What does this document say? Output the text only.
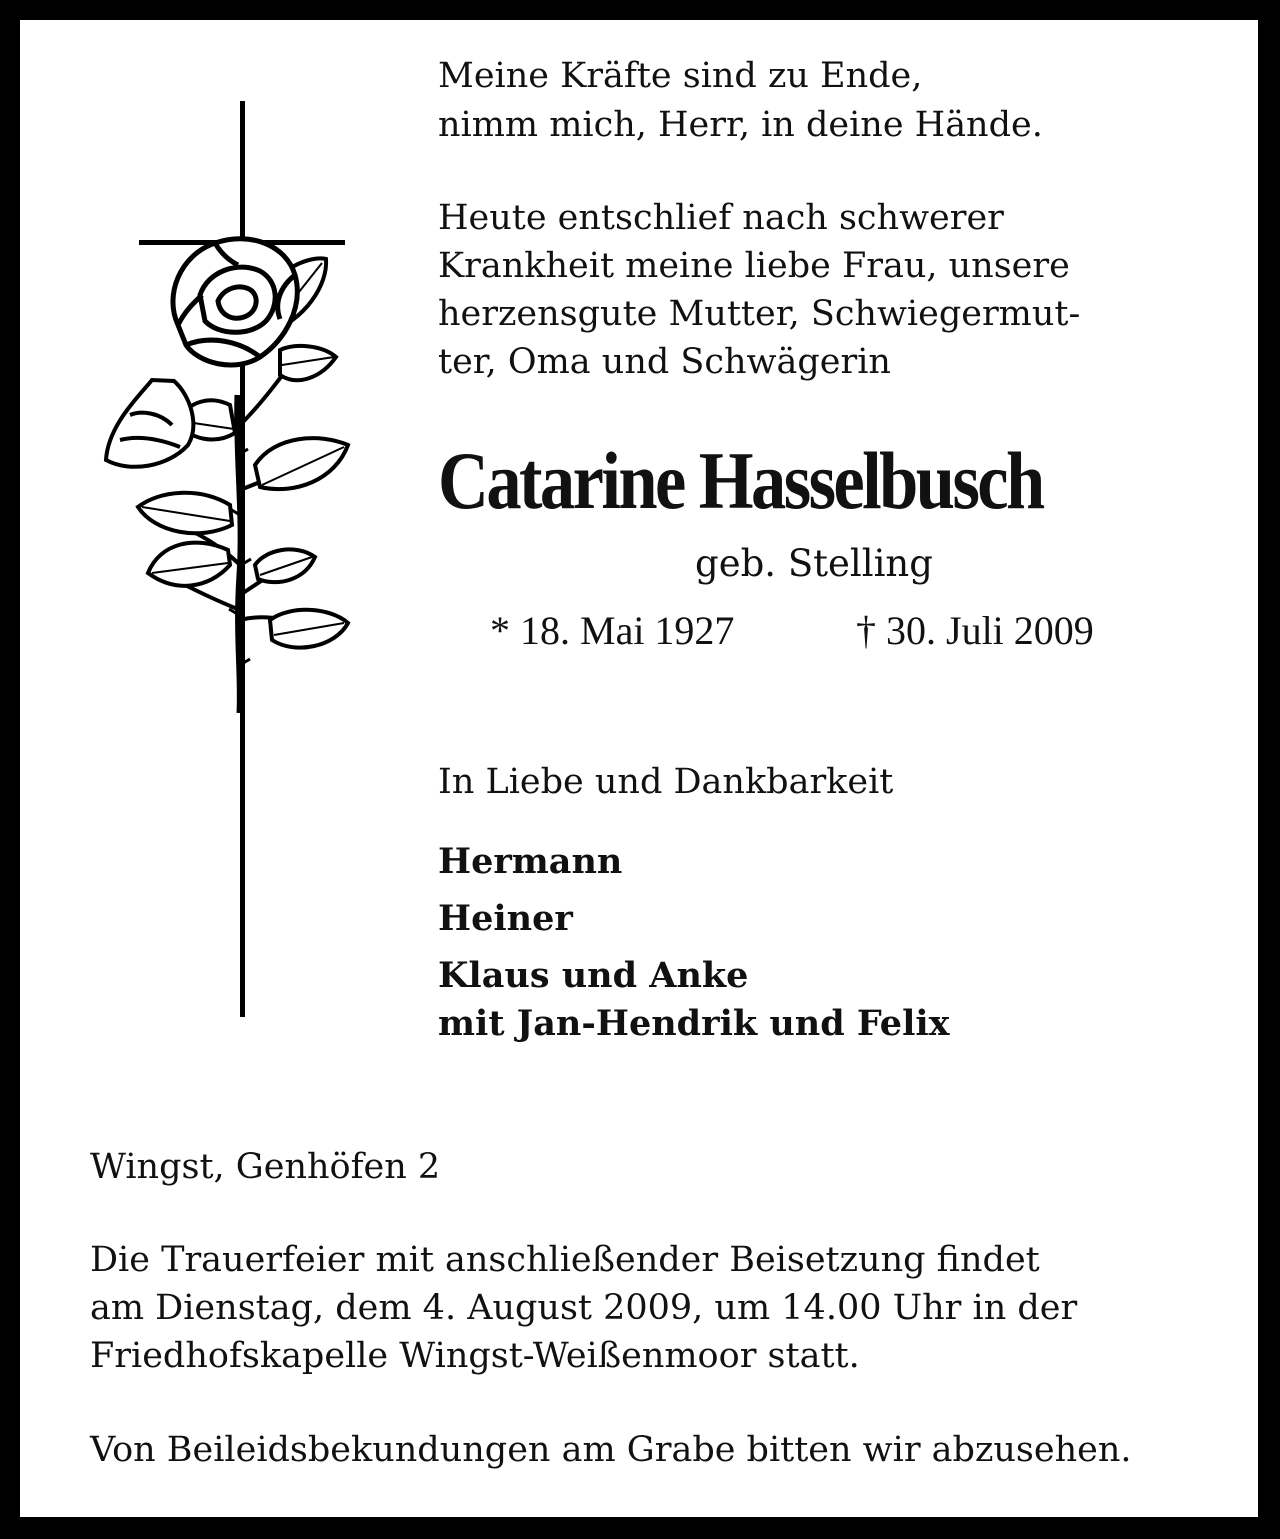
Meine Kräfte sind zu Ende,
nimm mich, Herr, in deine Hände.

Heute entschlief nach schwerer
Krankheit meine liebe Frau, unsere
herzensgute Mutter, Schwiegermut-
ter, Oma und Schwägerin

Catarine Hasselbusch

geb. Stelling

* 18. Mai 1927	† 30. Juli 2009

In Liebe und Dankbarkeit

Hermann
Heiner
Klaus und Anke
mit Jan-Hendrik und Felix

Wingst, Genhöfen 2

Die Trauerfeier mit anschließender Beisetzung findet
am Dienstag, dem 4. August 2009, um 14.00 Uhr in der
Friedhofskapelle Wingst-Weißenmoor statt.

Von Beileidsbekundungen am Grabe bitten wir abzusehen.
